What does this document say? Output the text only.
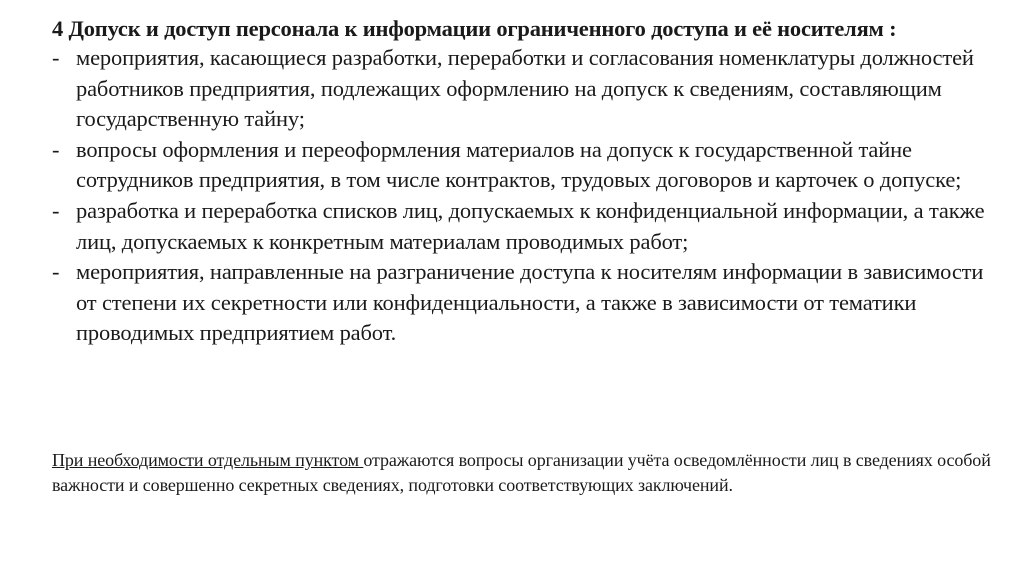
4 Допуск и доступ персонала к информации ограниченного доступа и её носителям :
- мероприятия, касающиеся разработки, переработки и согласования номенклатуры должностей работников предприятия, подлежащих оформлению на допуск к сведениям, составляющим государственную тайну;
- вопросы оформления и переоформления материалов на допуск к государственной тайне сотрудников предприятия, в том числе контрактов, трудовых договоров и карточек о допуске;
- разработка и переработка списков лиц, допускаемых к конфиденциальной информации, а также лиц, допускаемых к конкретным материалам проводимых работ;
- мероприятия, направленные на разграничение доступа к носителям информации в зависимости от степени их секретности или конфиденциальности, а также в зависимости от тематики проводимых предприятием работ.

При необходимости отдельным пунктом отражаются вопросы организации учёта осведомлённости лиц в сведениях особой важности и совершенно секретных сведениях, подготовки соответствующих заключений.
